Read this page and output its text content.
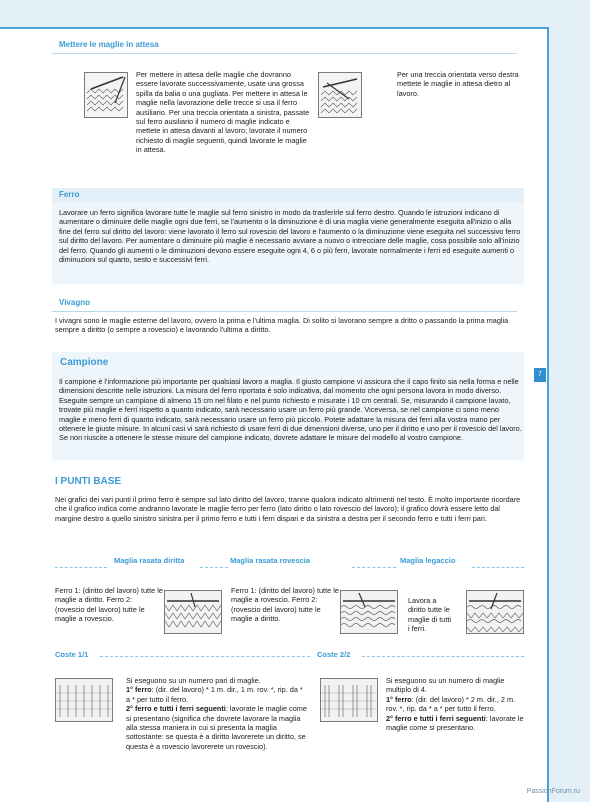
7
Mettere le maglie in attesa
Per mettere in attesa delle maglie che dovranno essere lavorate successivamente, usate una grossa spilla da balia o una gugliata. Per mettere in attesa le maglie nella lavorazione delle trecce si usa il ferro ausiliario. Per una treccia orientata a sinistra, passate sul ferro ausiliario il numero di maglie indicato e mettete in attesa davanti al lavoro; lavorate il numero richiesto di maglie seguenti, quindi lavorate le maglie in attesa.
Per una treccia orientata verso destra mettete le maglie in attesa dietro al lavoro.
Ferro
Lavorare un ferro significa lavorare tutte le maglie sul ferro sinistro in modo da trasferirle sul ferro destro. Quando le istruzioni indicano di aumentare o diminuire delle maglie ogni due ferri, se l'aumento o la diminuzione è di una maglia viene generalmente eseguita all'inizio o alla fine del ferro sul diritto del lavoro: viene lavorato il ferro sul rovescio del lavoro e l'aumento o la diminuzione viene eseguita nel successivo ferro sul diritto del lavoro. Per aumentare o diminuire più maglie è necessario avviare a nuovo o intrecciare delle maglie, cosa possibile solo all'inizio del ferro. Quando gli aumenti o le diminuzioni devono essere eseguite ogni 4, 6 o più ferri, lavorate normalmente i ferri ed eseguite aumenti o diminuzioni sul quarto, sesto e successivi ferri.
Vivagno
I vivagni sono le maglie esterne del lavoro, ovvero la prima e l'ultima maglia. Di solito si lavorano sempre a dritto o passando la prima maglia sempre a diritto (o sempre a rovescio) e lavorando l'ultima a diritto.
Campione
Il campione è l'informazione più importante per qualsiasi lavoro a maglia. Il giusto campione vi assicura che il capo finito sia nella forma e nelle dimensioni descritte nelle istruzioni. La misura del ferro riportata è solo indicativa, dal momento che ogni persona lavora in modo diverso. Eseguite sempre un campione di almeno 15 cm nel filato e nel punto richiesto e misurate i 10 cm centrali. Se, misurando il campione lavato, trovate più maglie e ferri rispetto a quanto indicato, sarà necessario usare un ferro più grande. Viceversa, se nel campione ci sono meno maglie e meno ferri di quanto indicato, sarà necessario usare un ferro più piccolo. Potete adattare la misura dei ferri alla vostra mano per ottenere le giuste misure. In alcuni casi vi sarà richiesto di usare ferri di due dimensioni diverse, uno per il diritto e uno per il rovescio del lavoro. Se non riuscite a ottenere le stesse misure del campione indicato, dovrete adattare le misure del modello al vostro campione.
I PUNTI BASE
Nei grafici dei vari punti il primo ferro è sempre sul lato diritto del lavoro, tranne qualora indicato altrimenti nel testo. È molto importante ricordare che il grafico indica come andranno lavorate le maglie ferro per ferro (lato diritto o lato rovescio del lavoro); il grafico dovrà essere letto dal margine destro a quello sinistro sinistra per il primo ferro e tutti i ferri dispari e da sinistra a destra per il secondo ferro e tutti i ferri pari.
Maglia rasata diritta	Maglia rasata rovescia	Maglia legaccio
Ferro 1: (diritto del lavoro) tutte le maglie a diritto. Ferro 2: (rovescio del lavoro) tutte le maglie a rovescio.
Ferro 1: (diritto del lavoro) tutte le maglie a rovescio. Ferro 2: (rovescio del lavoro) tutte le maglie a diritto.
Lavora a diritto tutte le maglie di tutti i ferri.
Coste 1/1	Coste 2/2
Si eseguono su un numero pari di maglie.
1° ferro: (dir. del lavoro) * 1 m. dir., 1 m. rov. *, rip. da * a * per tutto il ferro.
2° ferro e tutti i ferri seguenti: lavorate le maglie come si presentano (significa che dovrete lavorare la maglia alla stessa maniera in cui si presenta la maglia sottostante: se questa è a diritto lavorerete un diritto, se questa è a rovescio lavorerete un rovescio).
Si eseguono su un numero di maglie multiplo di 4.
1° ferro: (dir. del lavoro) * 2 m. dir., 2 m. rov. *, rip. da * a * per tutto il ferro.
2° ferro e tutti i ferri seguenti: lavorate le maglie come si presentano.
PassionForum.ru
